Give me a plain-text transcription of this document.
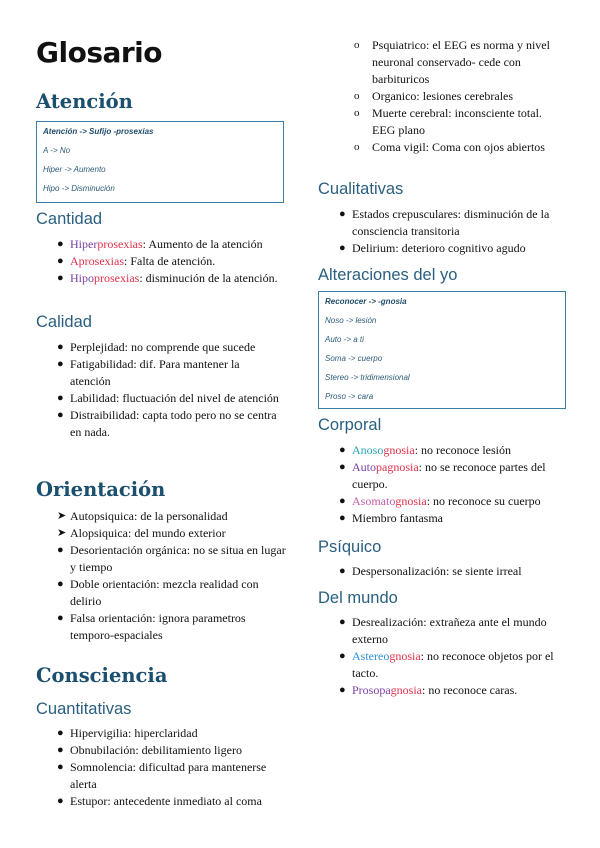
Glosario
Atención
Atención -> Sufijo -prosexias
A -> No
Hiper -> Aumento
Hipo -> Disminución
Cantidad
● Hiperprosexias: Aumento de la atención
● Aprosexias: Falta de atención.
● Hipoprosexias: disminución de la atención.
Calidad
● Perplejidad: no comprende que sucede
● Fatigabilidad: dif. Para mantener la atención
● Labilidad: fluctuación del nivel de atención
● Distraibilidad: capta todo pero no se centra en nada.
Orientación
➤ Autopsiquica: de la personalidad
➤ Alopsiquica: del mundo exterior
● Desorientación orgánica: no se situa en lugar y tiempo
● Doble orientación: mezcla realidad con delirio
● Falsa orientación: ignora parametros temporo-espaciales
Consciencia
Cuantitativas
● Hipervigilia: hiperclaridad
● Obnubilación: debilitamiento ligero
● Somnolencia: dificultad para mantenerse alerta
● Estupor: antecedente inmediato al coma
o Psquiatrico: el EEG es norma y nivel neuronal conservado- cede con barbituricos
o Organico: lesiones cerebrales
o Muerte cerebral: inconsciente total. EEG plano
o Coma vigil: Coma con ojos abiertos
Cualitativas
● Estados crepusculares: disminución de la consciencia transitoria
● Delirium: deterioro cognitivo agudo
Alteraciones del yo
Reconocer -> -gnosia
Noso -> lesión
Auto -> a ti
Soma -> cuerpo
Stereo -> tridimensional
Proso -> cara
Corporal
● Anosognosia: no reconoce lesión
● Autopagnosia: no se reconoce partes del cuerpo.
● Asomatognosia: no reconoce su cuerpo
● Miembro fantasma
Psíquico
● Despersonalización: se siente irreal
Del mundo
● Desrealización: extrañeza ante el mundo externo
● Astereognosia: no reconoce objetos por el tacto.
● Prosopagnosia: no reconoce caras.
